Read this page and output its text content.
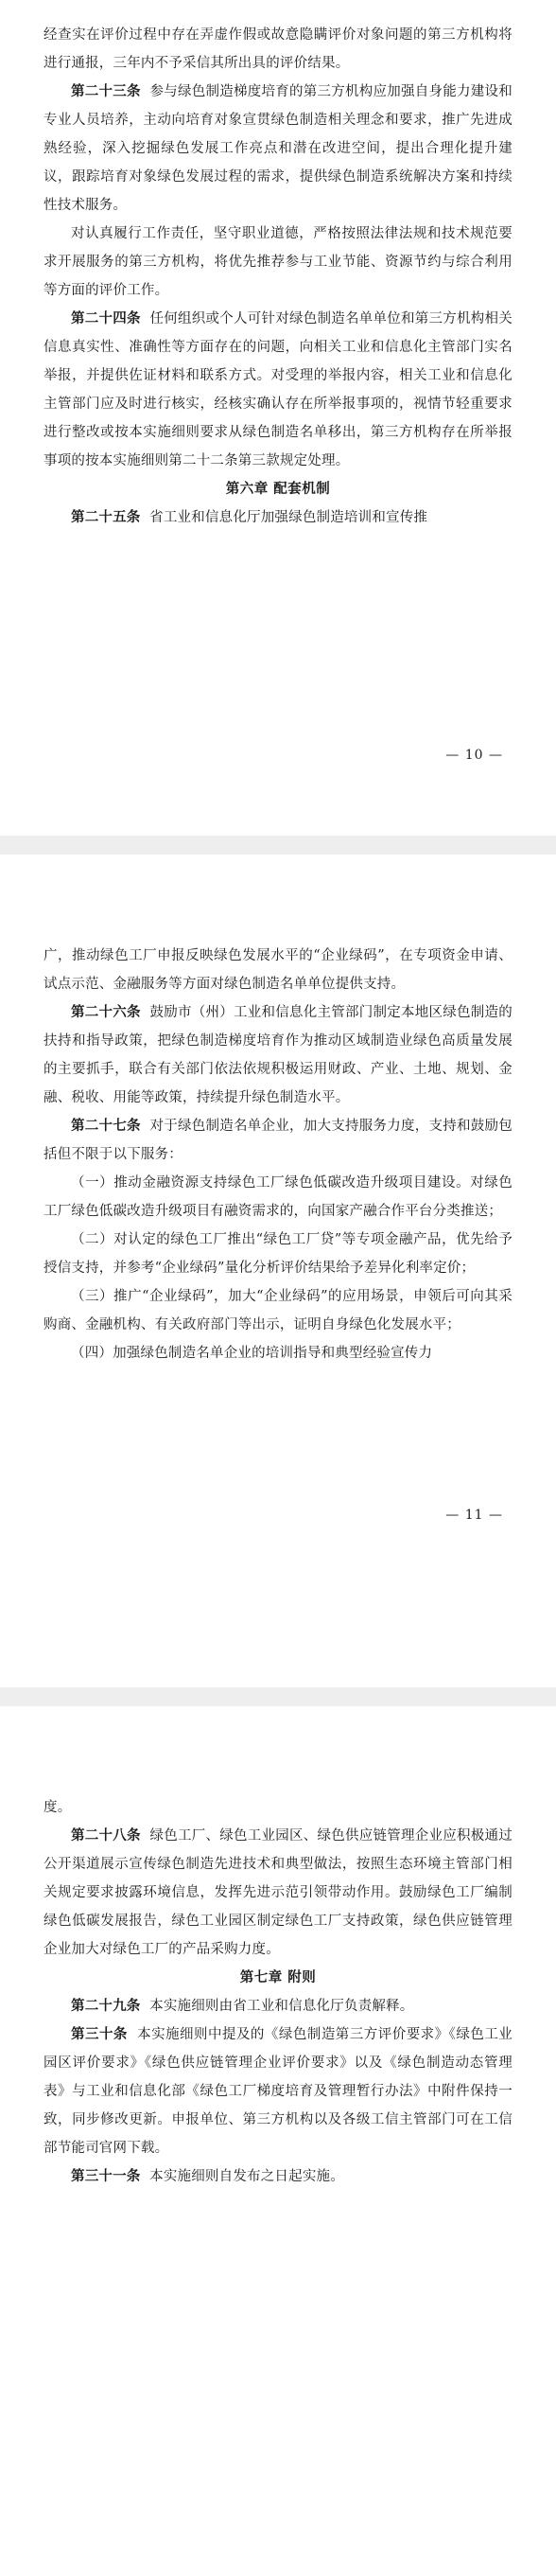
经查实在评价过程中存在弄虚作假或故意隐瞒评价对象问题的第三方机构将进行通报，三年内不予采信其所出具的评价结果。

第二十三条 参与绿色制造梯度培育的第三方机构应加强自身能力建设和专业人员培养，主动向培育对象宣贯绿色制造相关理念和要求，推广先进成熟经验，深入挖掘绿色发展工作亮点和潜在改进空间，提出合理化提升建议，跟踪培育对象绿色发展过程的需求，提供绿色制造系统解决方案和持续性技术服务。

对认真履行工作责任，坚守职业道德，严格按照法律法规和技术规范要求开展服务的第三方机构，将优先推荐参与工业节能、资源节约与综合利用等方面的评价工作。

第二十四条 任何组织或个人可针对绿色制造名单单位和第三方机构相关信息真实性、准确性等方面存在的问题，向相关工业和信息化主管部门实名举报，并提供佐证材料和联系方式。对受理的举报内容，相关工业和信息化主管部门应及时进行核实，经核实确认存在所举报事项的，视情节轻重要求进行整改或按本实施细则要求从绿色制造名单移出，第三方机构存在所举报事项的按本实施细则第二十二条第三款规定处理。

第六章 配套机制

第二十五条 省工业和信息化厅加强绿色制造培训和宣传推

— 10 —

广，推动绿色工厂申报反映绿色发展水平的“企业绿码”，在专项资金申请、试点示范、金融服务等方面对绿色制造名单单位提供支持。

第二十六条 鼓励市（州）工业和信息化主管部门制定本地区绿色制造的扶持和指导政策，把绿色制造梯度培育作为推动区域制造业绿色高质量发展的主要抓手，联合有关部门依法依规积极运用财政、产业、土地、规划、金融、税收、用能等政策，持续提升绿色制造水平。

第二十七条 对于绿色制造名单企业，加大支持服务力度，支持和鼓励包括但不限于以下服务：

（一）推动金融资源支持绿色工厂绿色低碳改造升级项目建设。对绿色工厂绿色低碳改造升级项目有融资需求的，向国家产融合作平台分类推送；

（二）对认定的绿色工厂推出“绿色工厂贷”等专项金融产品，优先给予授信支持，并参考“企业绿码”量化分析评价结果给予差异化利率定价；

（三）推广“企业绿码”，加大“企业绿码”的应用场景，申领后可向其采购商、金融机构、有关政府部门等出示，证明自身绿色化发展水平；

（四）加强绿色制造名单企业的培训指导和典型经验宣传力

— 11 —

度。

第二十八条 绿色工厂、绿色工业园区、绿色供应链管理企业应积极通过公开渠道展示宣传绿色制造先进技术和典型做法，按照生态环境主管部门相关规定要求披露环境信息，发挥先进示范引领带动作用。鼓励绿色工厂编制绿色低碳发展报告，绿色工业园区制定绿色工厂支持政策，绿色供应链管理企业加大对绿色工厂的产品采购力度。

第七章 附则

第二十九条 本实施细则由省工业和信息化厅负责解释。

第三十条 本实施细则中提及的《绿色制造第三方评价要求》《绿色工业园区评价要求》《绿色供应链管理企业评价要求》以及《绿色制造动态管理表》与工业和信息化部《绿色工厂梯度培育及管理暂行办法》中附件保持一致，同步修改更新。申报单位、第三方机构以及各级工信主管部门可在工信部节能司官网下载。

第三十一条 本实施细则自发布之日起实施。
